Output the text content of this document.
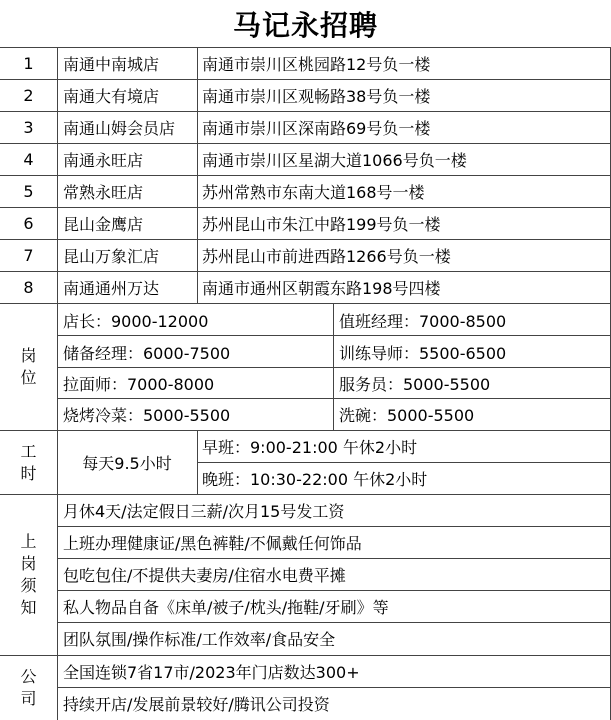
马记永招聘
1	南通中南城店	南通市崇川区桃园路12号负一楼
2	南通大有境店	南通市崇川区观畅路38号负一楼
3	南通山姆会员店	南通市崇川区深南路69号负一楼
4	南通永旺店	南通市崇川区星湖大道1066号负一楼
5	常熟永旺店	苏州常熟市东南大道168号一楼
6	昆山金鹰店	苏州昆山市朱江中路199号负一楼
7	昆山万象汇店	苏州昆山市前进西路1266号负一楼
8	南通通州万达	南通市通州区朝霞东路198号四楼
岗
位
店长：9000-12000	值班经理：7000-8500
储备经理：6000-7500	训练导师：5500-6500
拉面师：7000-8000	服务员：5000-5500
烧烤冷菜：5000-5500	洗碗：5000-5500
工
时	每天9.5小时
早班：9:00-21:00 午休2小时
晚班：10:30-22:00 午休2小时
上
岗
须
知
月休4天/法定假日三薪/次月15号发工资
上班办理健康证/黑色裤鞋/不佩戴任何饰品
包吃包住/不提供夫妻房/住宿水电费平摊
私人物品自备《床单/被子/枕头/拖鞋/牙刷》等
团队氛围/操作标准/工作效率/食品安全
公
司
全国连锁7省17市/2023年门店数达300+
持续开店/发展前景较好/腾讯公司投资
